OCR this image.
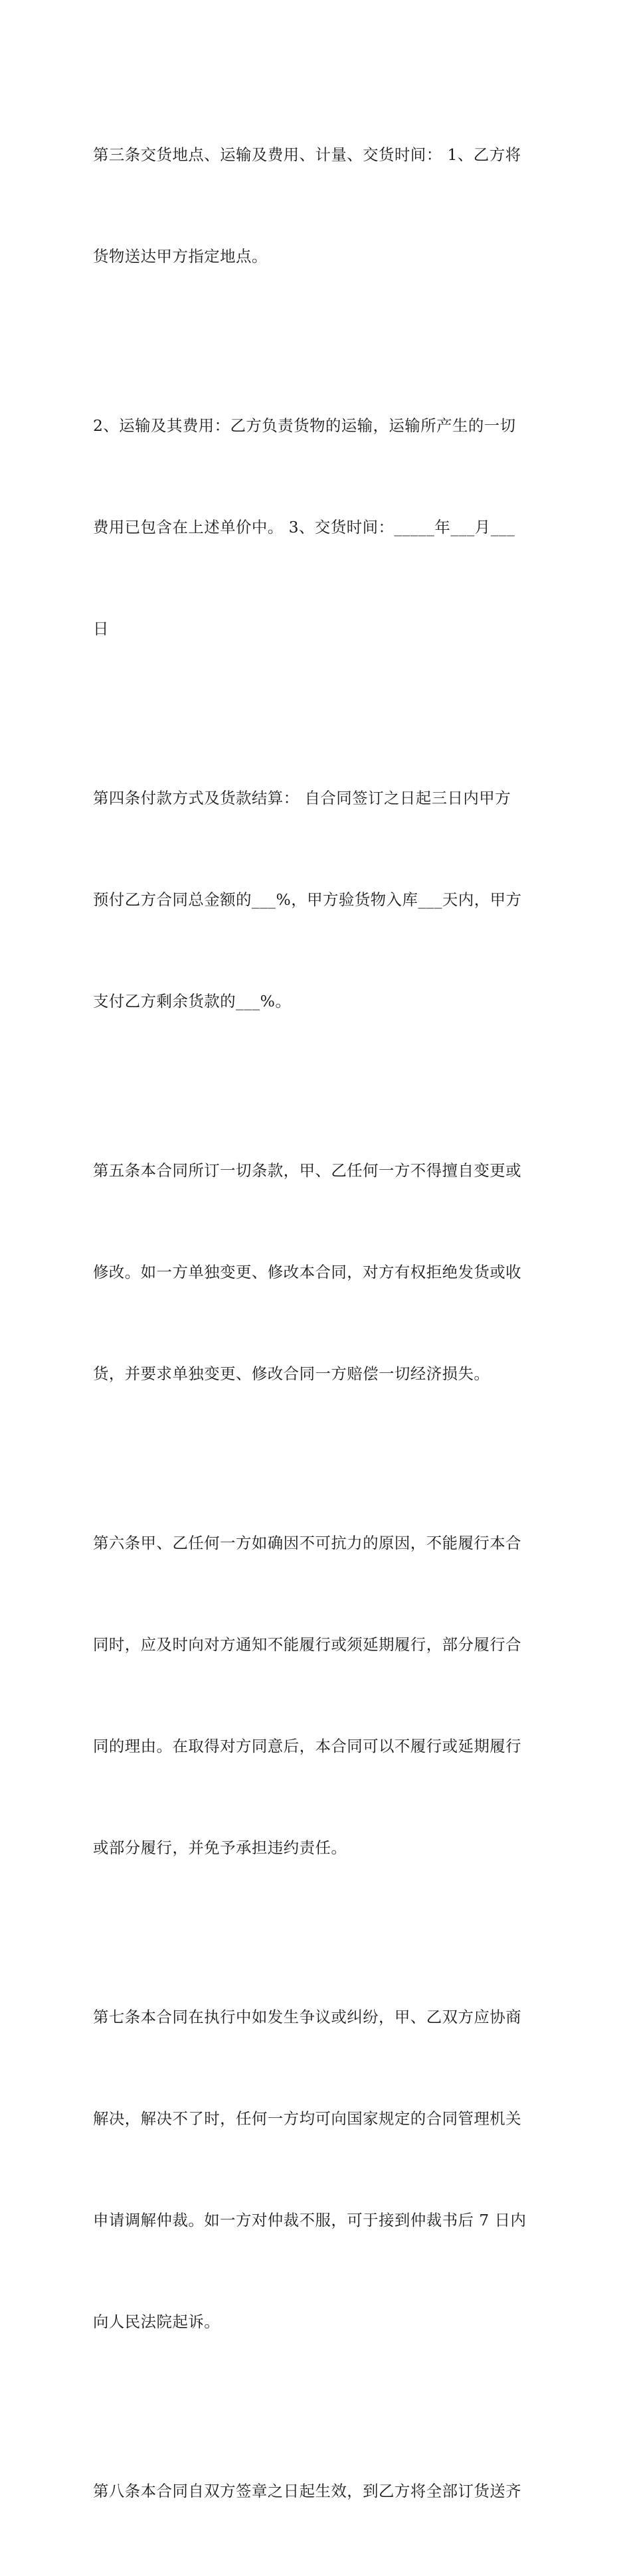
第三条交货地点、运输及费用、计量、交货时间： 1、乙方将

货物送达甲方指定地点。

2、运输及其费用：乙方负责货物的运输，运输所产生的一切

费用已包含在上述单价中。 3、交货时间：_____年___月___

日

第四条付款方式及货款结算： 自合同签订之日起三日内甲方

预付乙方合同总金额的___%，甲方验货物入库___天内，甲方

支付乙方剩余货款的___%。

第五条本合同所订一切条款，甲、乙任何一方不得擅自变更或

修改。如一方单独变更、修改本合同，对方有权拒绝发货或收

货，并要求单独变更、修改合同一方赔偿一切经济损失。

第六条甲、乙任何一方如确因不可抗力的原因，不能履行本合

同时，应及时向对方通知不能履行或须延期履行，部分履行合

同的理由。在取得对方同意后，本合同可以不履行或延期履行

或部分履行，并免予承担违约责任。

第七条本合同在执行中如发生争议或纠纷，甲、乙双方应协商

解决，解决不了时，任何一方均可向国家规定的合同管理机关

申请调解仲裁。如一方对仲裁不服，可于接到仲裁书后 7 日内

向人民法院起诉。

第八条本合同自双方签章之日起生效，到乙方将全部订货送齐
